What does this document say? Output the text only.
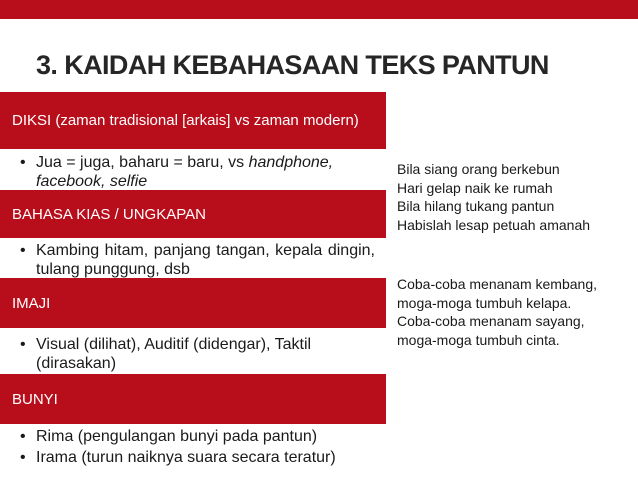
3. KAIDAH KEBAHASAAN TEKS PANTUN
DIKSI (zaman tradisional [arkais] vs zaman modern)
• Jua = juga, baharu = baru, vs handphone, facebook, selfie
BAHASA KIAS / UNGKAPAN
• Kambing hitam, panjang tangan, kepala dingin, tulang punggung, dsb
IMAJI
• Visual (dilihat), Auditif (didengar), Taktil (dirasakan)
BUNYI
• Rima (pengulangan bunyi pada pantun)
• Irama (turun naiknya suara secara teratur)
Bila siang orang berkebun
Hari gelap naik ke rumah
Bila hilang tukang pantun
Habislah lesap petuah amanah
Coba-coba menanam kembang,
moga-moga tumbuh kelapa.
Coba-coba menanam sayang,
moga-moga tumbuh cinta.
